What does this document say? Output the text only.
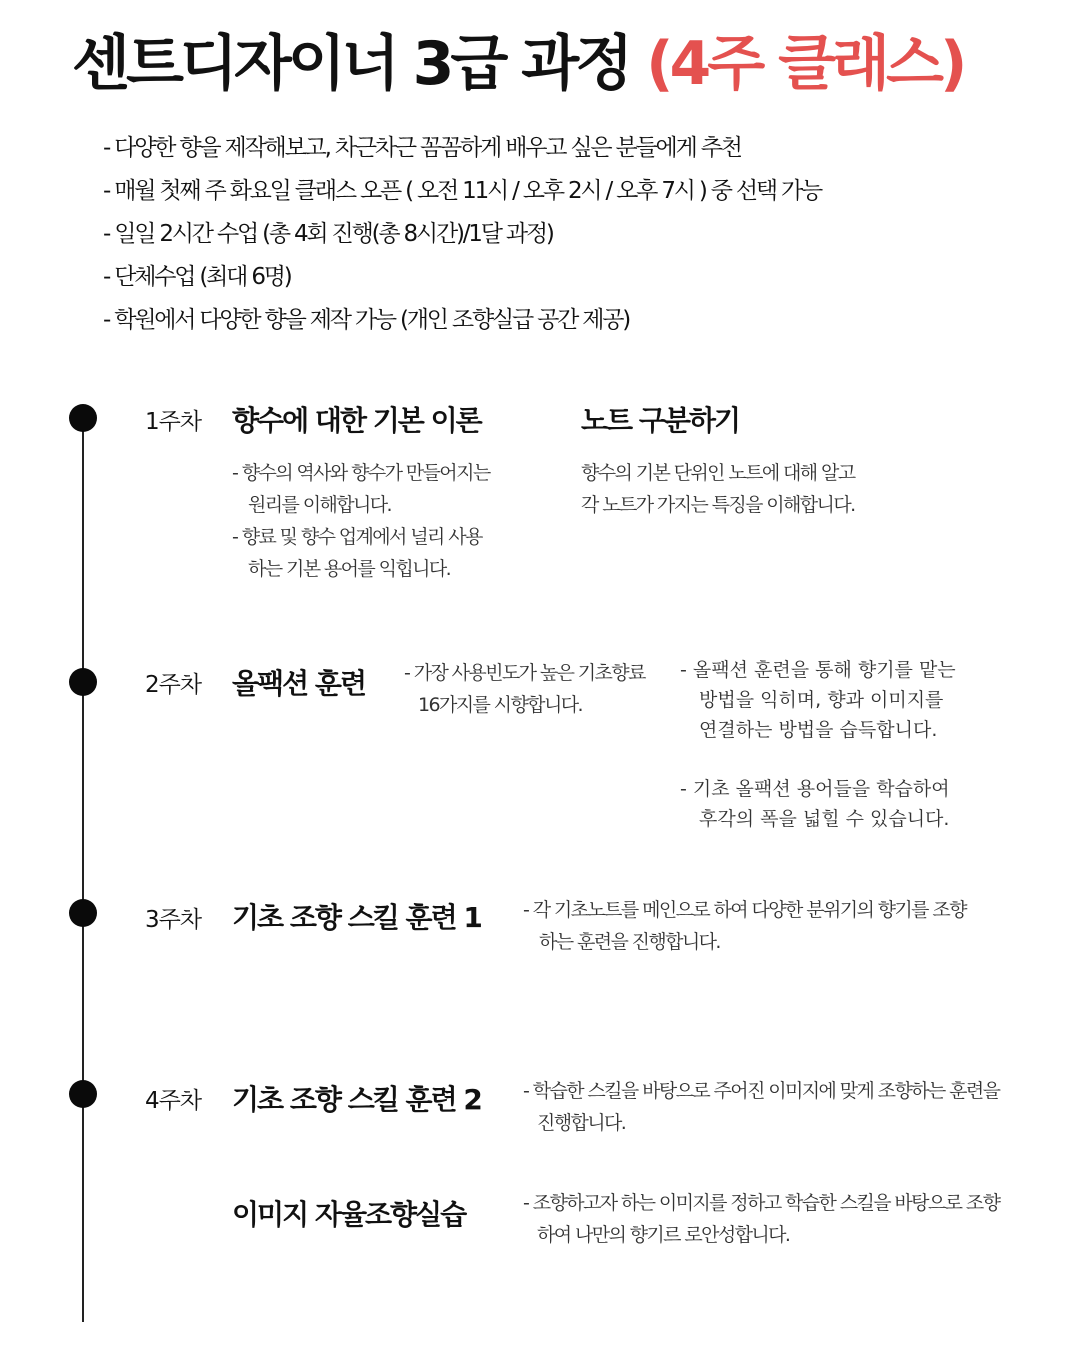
센트디자이너 3급 과정 (4주 클래스)
- 다양한 향을 제작해보고, 차근차근 꼼꼼하게 배우고 싶은 분들에게 추천
- 매월 첫째 주 화요일 클래스 오픈 ( 오전 11시 / 오후 2시 / 오후 7시 ) 중 선택 가능
- 일일 2시간 수업 (총 4회 진행(총 8시간)/1달 과정)
- 단체수업 (최대 6명)
- 학원에서 다양한 향을 제작 가능 (개인 조향실급 공간 제공)
1주차 향수에 대한 기본 이론

- 향수의 역사와 향수가 만들어지는

원리를 이해합니다.

- 향료 및 향수 업계에서 널리 사용

하는 기본 용어를 익힙니다.

노트 구분하기

향수의 기본 단위인 노트에 대해 알고

각 노트가 가지는 특징을 이해합니다.

2주차 올팩션 훈련 - 가장 사용빈도가 높은 기초향료

16가지를 시향합니다.

- 올팩션 훈련을 통해 향기를 맡는

방법을 익히며, 향과 이미지를

연결하는 방법을 습득합니다.

- 기초 올팩션 용어들을 학습하여

후각의 폭을 넓힐 수 있습니다.

3주차 기초 조향 스킬 훈련 1 - 각 기초노트를 메인으로 하여 다양한 분위기의 향기를 조향

하는 훈련을 진행합니다.

4주차 기초 조향 스킬 훈련 2 - 학습한 스킬을 바탕으로 주어진 이미지에 맞게 조향하는 훈련을

진행합니다.

이미지 자율조향실습	- 조향하고자 하는 이미지를 정하고 학습한 스킬을 바탕으로 조향

하여 나만의 향기르 로안성합니다.
